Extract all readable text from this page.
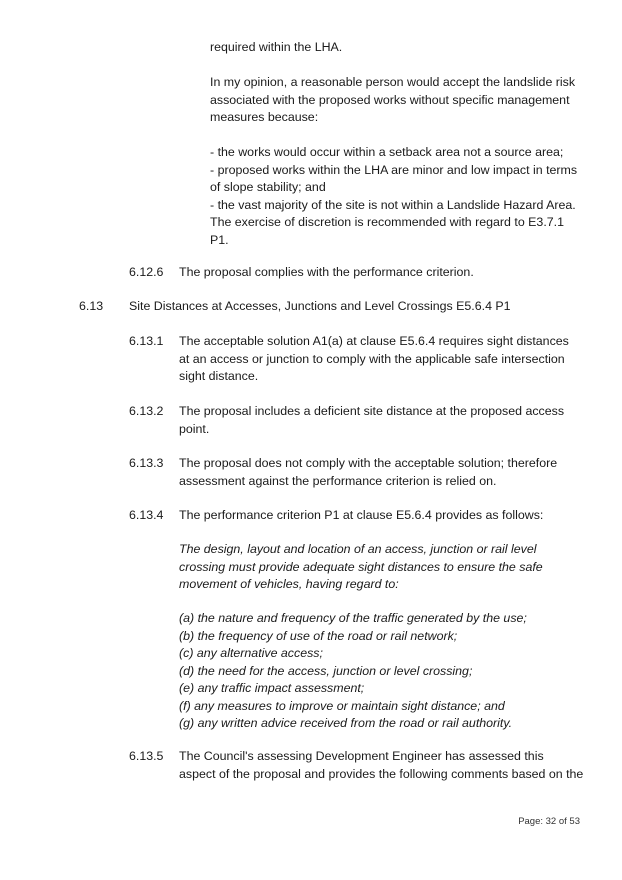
required within the LHA.
In my opinion, a reasonable person would accept the landslide risk
associated with the proposed works without specific management
measures because:
- the works would occur within a setback area not a source area;
- proposed works within the LHA are minor and low impact in terms
of slope stability; and
- the vast majority of the site is not within a Landslide Hazard Area.
The exercise of discretion is recommended with regard to E3.7.1
P1.
6.12.6 The proposal complies with the performance criterion.
6.13 Site Distances at Accesses, Junctions and Level Crossings E5.6.4 P1
6.13.1 The acceptable solution A1(a) at clause E5.6.4 requires sight distances
at an access or junction to comply with the applicable safe intersection
sight distance.
6.13.2 The proposal includes a deficient site distance at the proposed access
point.
6.13.3 The proposal does not comply with the acceptable solution; therefore
assessment against the performance criterion is relied on.
6.13.4 The performance criterion P1 at clause E5.6.4 provides as follows:
The design, layout and location of an access, junction or rail level
crossing must provide adequate sight distances to ensure the safe
movement of vehicles, having regard to:
(a) the nature and frequency of the traffic generated by the use;
(b) the frequency of use of the road or rail network;
(c) any alternative access;
(d) the need for the access, junction or level crossing;
(e) any traffic impact assessment;
(f) any measures to improve or maintain sight distance; and
(g) any written advice received from the road or rail authority.
6.13.5 The Council's assessing Development Engineer has assessed this
aspect of the proposal and provides the following comments based on the
Page: 32 of 53
